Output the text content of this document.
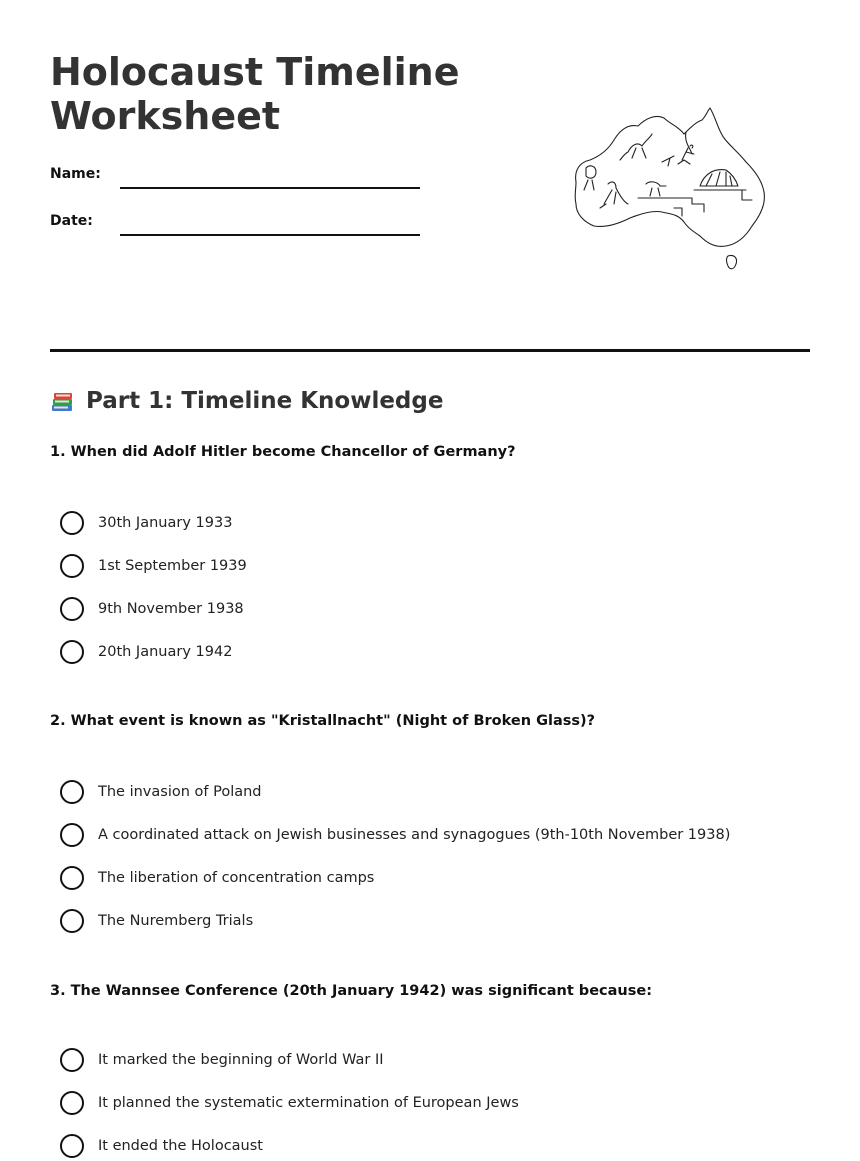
Holocaust Timeline Worksheet
Name:
Date:
Part 1: Timeline Knowledge

1. When did Adolf Hitler become Chancellor of Germany?

30th January 1933
1st September 1939
9th November 1938
20th January 1942

2. What event is known as "Kristallnacht" (Night of Broken Glass)?

The invasion of Poland
A coordinated attack on Jewish businesses and synagogues (9th-10th November 1938)
The liberation of concentration camps
The Nuremberg Trials

3. The Wannsee Conference (20th January 1942) was significant because:

It marked the beginning of World War II
It planned the systematic extermination of European Jews
It ended the Holocaust
